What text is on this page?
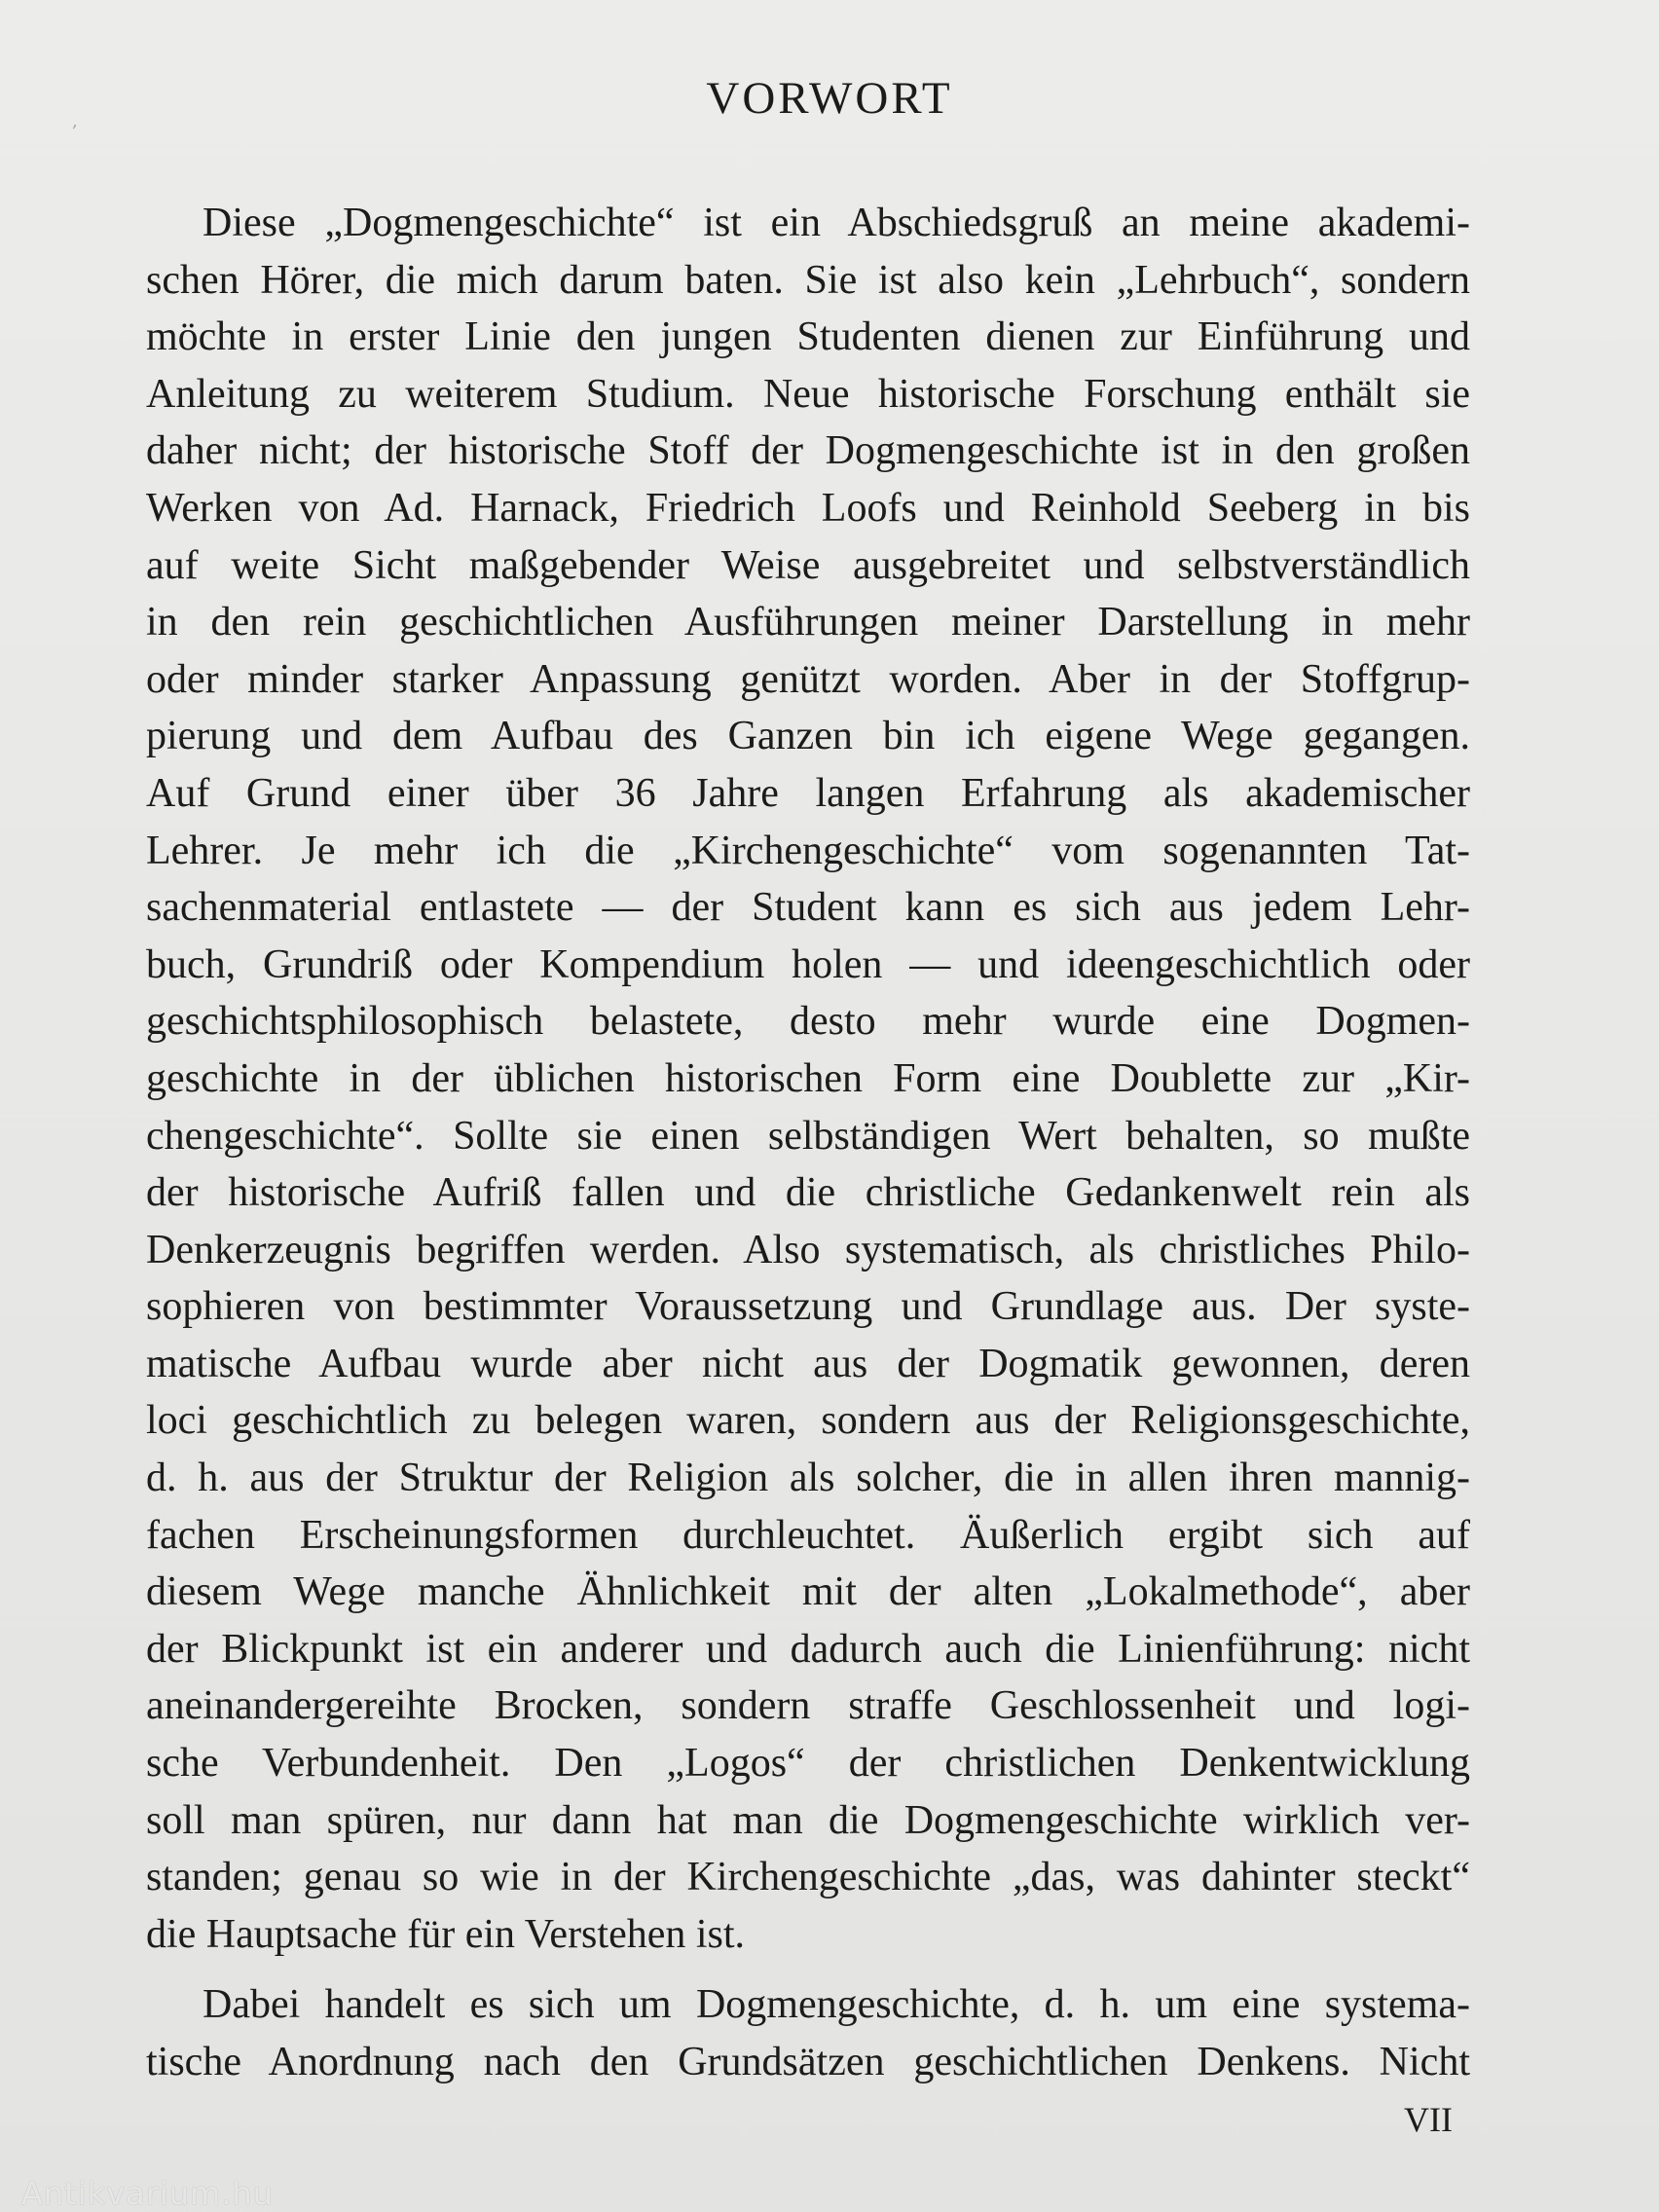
,	VORWORT
Diese „Dogmengeschichte“ ist ein Abschiedsgruß an meine akademi-
schen Hörer, die mich darum baten. Sie ist also kein „Lehrbuch“, sondern
möchte in erster Linie den jungen Studenten dienen zur Einführung und
Anleitung zu weiterem Studium. Neue historische Forschung enthält sie
daher nicht; der historische Stoff der Dogmengeschichte ist in den großen
Werken von Ad. Harnack, Friedrich Loofs und Reinhold Seeberg in bis
auf weite Sicht maßgebender Weise ausgebreitet und selbstverständlich
in den rein geschichtlichen Ausführungen meiner Darstellung in mehr
oder minder starker Anpassung genützt worden. Aber in der Stoffgrup-
pierung und dem Aufbau des Ganzen bin ich eigene Wege gegangen.
Auf Grund einer über 36 Jahre langen Erfahrung als akademischer
Lehrer. Je mehr ich die „Kirchengeschichte“ vom sogenannten Tat-
sachenmaterial entlastete — der Student kann es sich aus jedem Lehr-
buch, Grundriß oder Kompendium holen — und ideengeschichtlich oder
geschichtsphilosophisch belastete, desto mehr wurde eine Dogmen-
geschichte in der üblichen historischen Form eine Doublette zur „Kir-
chengeschichte“. Sollte sie einen selbständigen Wert behalten, so mußte
der historische Aufriß fallen und die christliche Gedankenwelt rein als
Denkerzeugnis begriffen werden. Also systematisch, als christliches Philo-
sophieren von bestimmter Voraussetzung und Grundlage aus. Der syste-
matische Aufbau wurde aber nicht aus der Dogmatik gewonnen, deren
loci geschichtlich zu belegen waren, sondern aus der Religionsgeschichte,
d. h. aus der Struktur der Religion als solcher, die in allen ihren mannig-
fachen Erscheinungsformen durchleuchtet. Äußerlich ergibt sich auf
diesem Wege manche Ähnlichkeit mit der alten „Lokalmethode“, aber
der Blickpunkt ist ein anderer und dadurch auch die Linienführung: nicht
aneinandergereihte Brocken, sondern straffe Geschlossenheit und logi-
sche Verbundenheit. Den „Logos“ der christlichen Denkentwicklung
soll man spüren, nur dann hat man die Dogmengeschichte wirklich ver-
standen; genau so wie in der Kirchengeschichte „das, was dahinter steckt“
die Hauptsache für ein Verstehen ist.
Dabei handelt es sich um Dogmengeschichte, d. h. um eine systema-
tische Anordnung nach den Grundsätzen geschichtlichen Denkens. Nicht
VII
Antikvarium.hu
